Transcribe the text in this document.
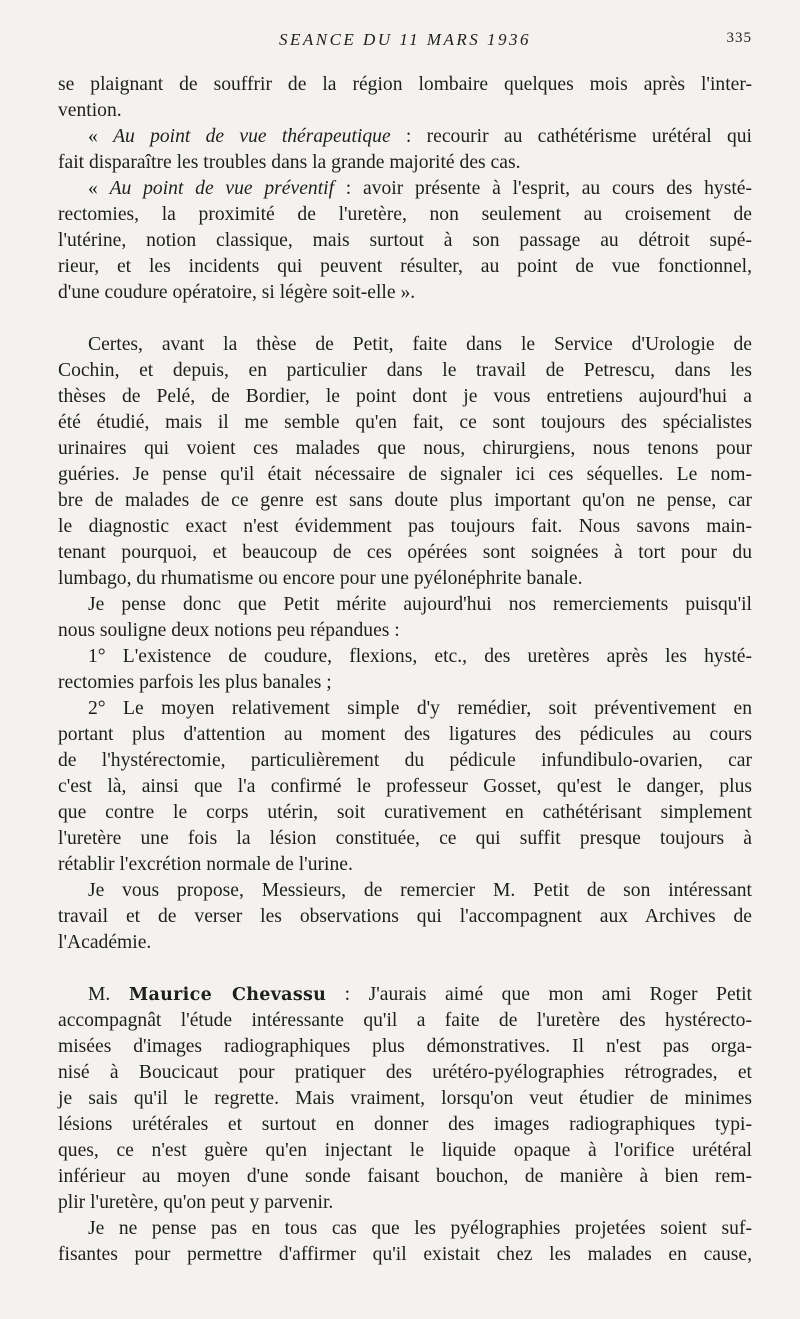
SEANCE DU 11 MARS 1936	335
se plaignant de souffrir de la région lombaire quelques mois après l'inter-
vention.
« Au point de vue thérapeutique : recourir au cathétérisme urétéral qui
fait disparaître les troubles dans la grande majorité des cas.
« Au point de vue préventif : avoir présente à l'esprit, au cours des hysté-
rectomies, la proximité de l'uretère, non seulement au croisement de
l'utérine, notion classique, mais surtout à son passage au détroit supé-
rieur, et les incidents qui peuvent résulter, au point de vue fonctionnel,
d'une coudure opératoire, si légère soit-elle ».
Certes, avant la thèse de Petit, faite dans le Service d'Urologie de
Cochin, et depuis, en particulier dans le travail de Petrescu, dans les
thèses de Pelé, de Bordier, le point dont je vous entretiens aujourd'hui a
été étudié, mais il me semble qu'en fait, ce sont toujours des spécialistes
urinaires qui voient ces malades que nous, chirurgiens, nous tenons pour
guéries. Je pense qu'il était nécessaire de signaler ici ces séquelles. Le nom-
bre de malades de ce genre est sans doute plus important qu'on ne pense, car
le diagnostic exact n'est évidemment pas toujours fait. Nous savons main-
tenant pourquoi, et beaucoup de ces opérées sont soignées à tort pour du
lumbago, du rhumatisme ou encore pour une pyélonéphrite banale.
Je pense donc que Petit mérite aujourd'hui nos remerciements puisqu'il
nous souligne deux notions peu répandues :
1° L'existence de coudure, flexions, etc., des uretères après les hysté-
rectomies parfois les plus banales ;
2° Le moyen relativement simple d'y remédier, soit préventivement en
portant plus d'attention au moment des ligatures des pédicules au cours
de l'hystérectomie, particulièrement du pédicule infundibulo-ovarien, car
c'est là, ainsi que l'a confirmé le professeur Gosset, qu'est le danger, plus
que contre le corps utérin, soit curativement en cathétérisant simplement
l'uretère une fois la lésion constituée, ce qui suffit presque toujours à
rétablir l'excrétion normale de l'urine.
Je vous propose, Messieurs, de remercier M. Petit de son intéressant
travail et de verser les observations qui l'accompagnent aux Archives de
l'Académie.
M. Maurice Chevassu : J'aurais aimé que mon ami Roger Petit
accompagnât l'étude intéressante qu'il a faite de l'uretère des hystérecto-
misées d'images radiographiques plus démonstratives. Il n'est pas orga-
nisé à Boucicaut pour pratiquer des urétéro-pyélographies rétrogrades, et
je sais qu'il le regrette. Mais vraiment, lorsqu'on veut étudier de minimes
lésions urétérales et surtout en donner des images radiographiques typi-
ques, ce n'est guère qu'en injectant le liquide opaque à l'orifice urétéral
inférieur au moyen d'une sonde faisant bouchon, de manière à bien rem-
plir l'uretère, qu'on peut y parvenir.
Je ne pense pas en tous cas que les pyélographies projetées soient suf-
fisantes pour permettre d'affirmer qu'il existait chez les malades en cause,
